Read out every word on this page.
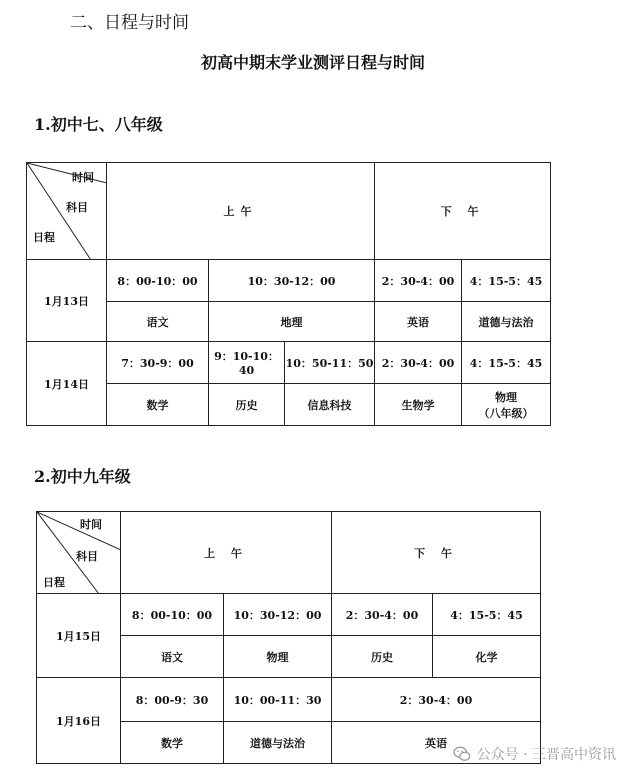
二、日程与时间
初高中期末学业测评日程与时间
1.初中七、八年级
时间
科目
日程	上午			下 午	
1月13日	8：00-10：00	10：30-12：00		2：30-4：00	4：15-5：45
	语文	地理		英语	道德与法治
1月14日	7：30-9：00	9：10-10：40	10：50-11：50	2：30-4：00	4：15-5：45
	数学	历史	信息科技	生物学	物理
（八年级）
2.初中九年级
时间
科目
日程	上 午		下 午	
1月15日	8：00-10：00	10：30-12：00	2：30-4：00	4：15-5：45
	语文	物理	历史	化学
1月16日	8：00-9：30	10：00-11：30	2：30-4：00	
	数学	道德与法治	英语	
公众号 · 三晋高中资讯
